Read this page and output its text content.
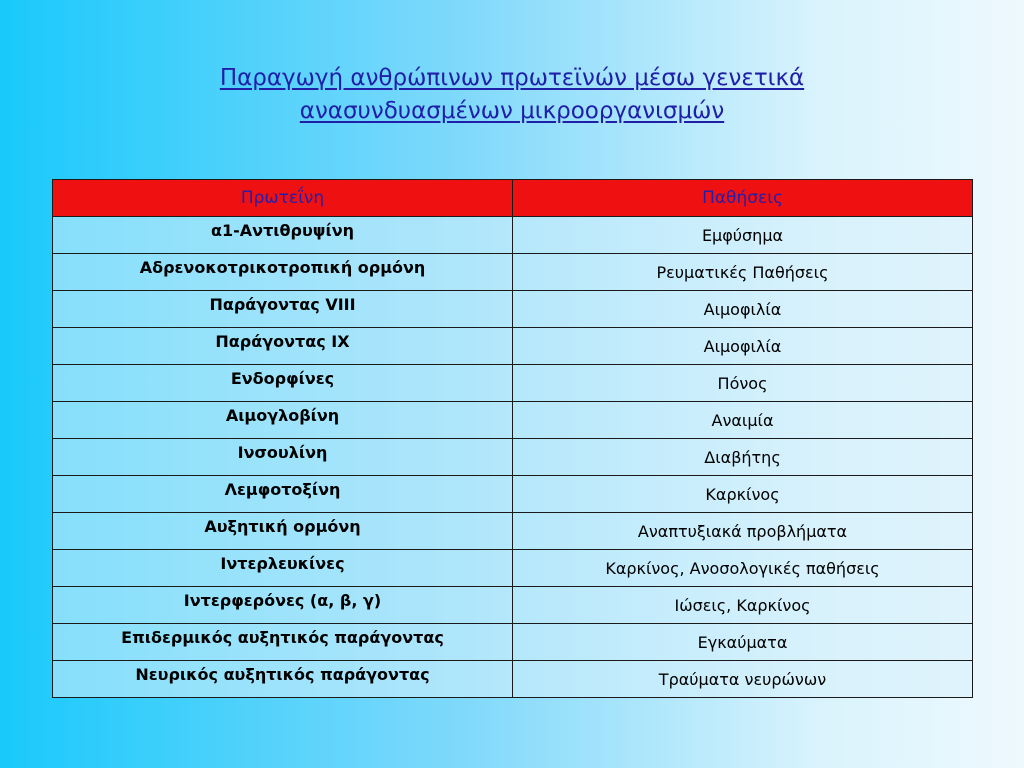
Παραγωγή ανθρώπινων πρωτεϊνών μέσω γενετικά
ανασυνδυασμένων μικροοργανισμών
Πρωτεΐνη	Παθήσεις
α1-Αντιθρυψίνη	Εμφύσημα
Αδρενοκοτρικοτροπική ορμόνη	Ρευματικές Παθήσεις
Παράγοντας VIII	Αιμοφιλία
Παράγοντας IX	Αιμοφιλία
Ενδορφίνες	Πόνος
Αιμογλοβίνη	Αναιμία
Ινσουλίνη	Διαβήτης
Λεμφοτοξίνη	Καρκίνος
Αυξητική ορμόνη	Αναπτυξιακά προβλήματα
Ιντερλευκίνες	Καρκίνος, Ανοσολογικές παθήσεις
Ιντερφερόνες (α, β, γ)	Ιώσεις, Καρκίνος
Επιδερμικός αυξητικός παράγοντας	Εγκαύματα
Νευρικός αυξητικός παράγοντας	Τραύματα νευρώνων
